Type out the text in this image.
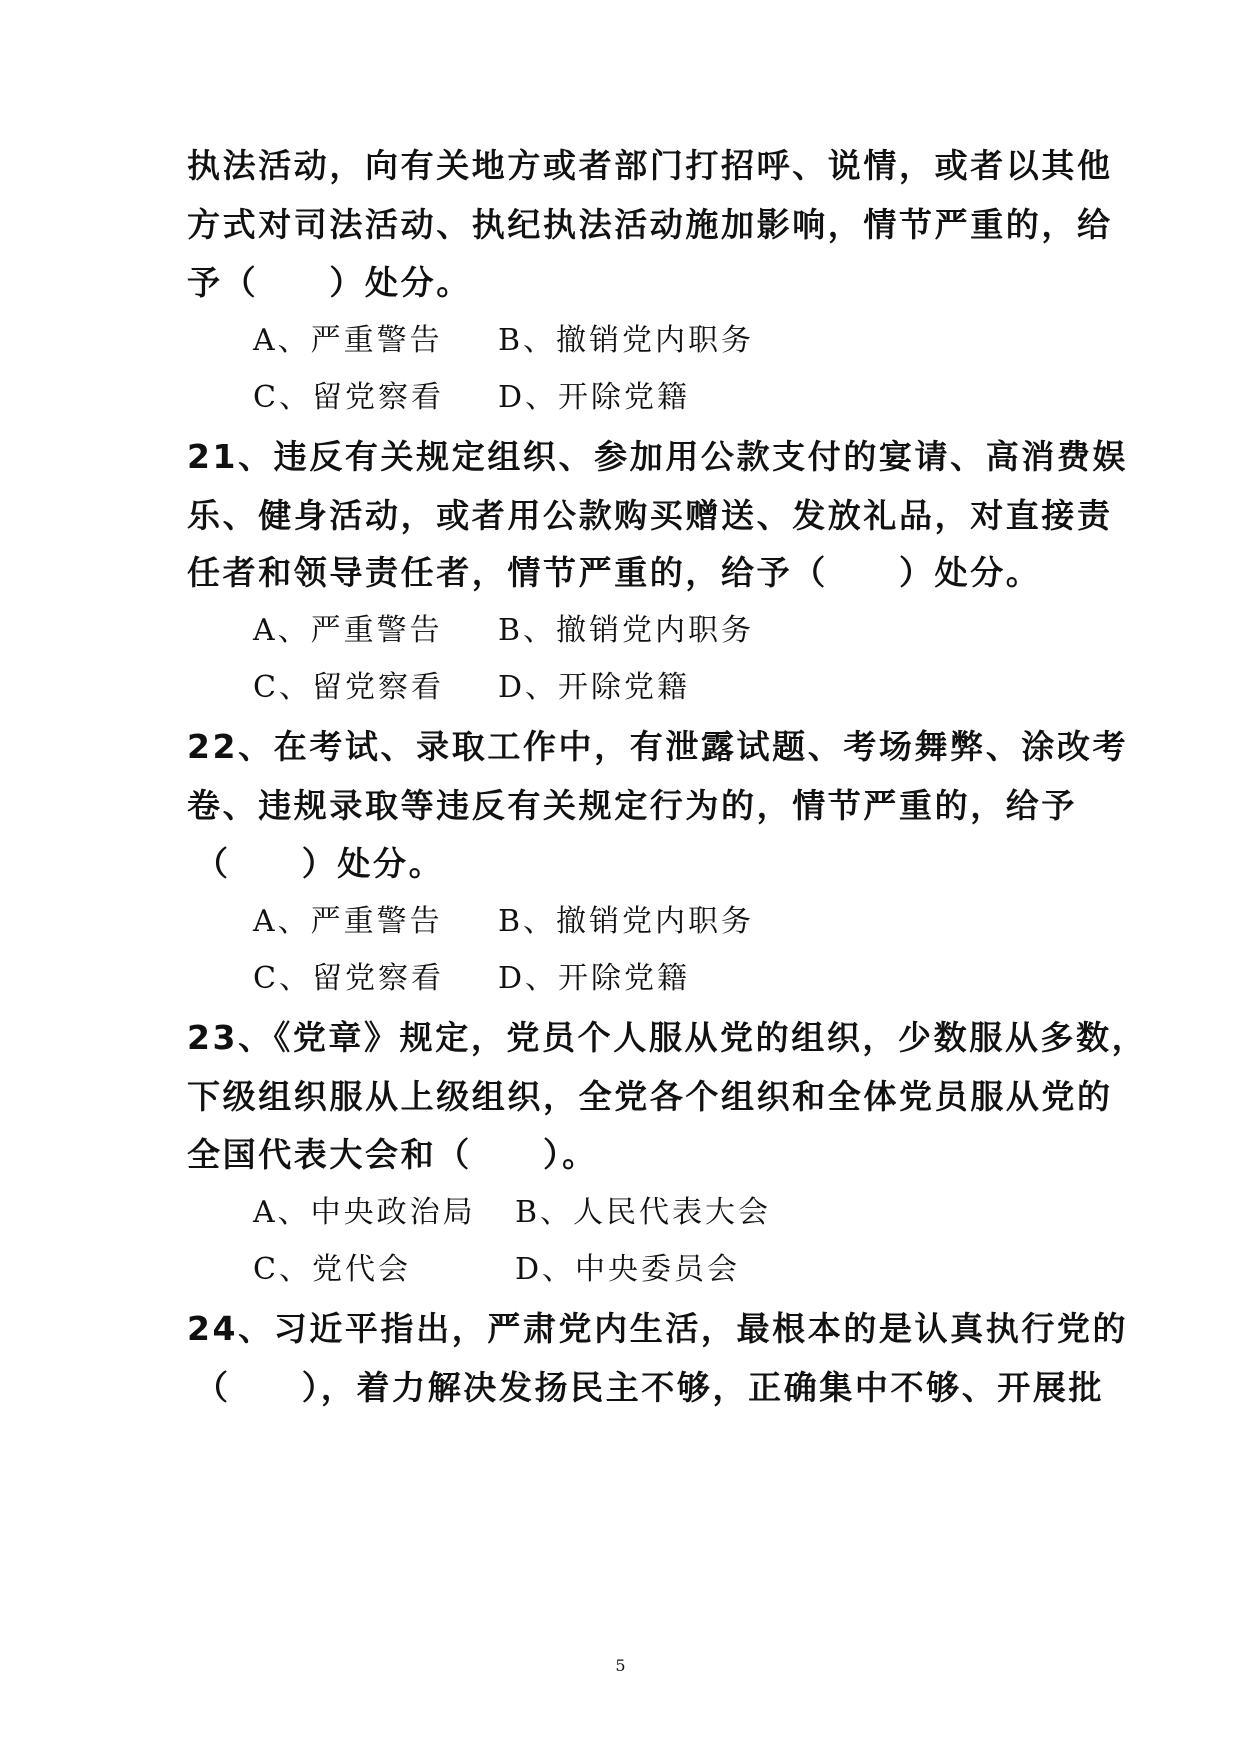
执法活动，向有关地方或者部门打招呼、说情，或者以其他
方式对司法活动、执纪执法活动施加影响，情节严重的，给
予（　　）处分。
A、严重警告 B、撤销党内职务
C、留党察看 D、开除党籍
21、违反有关规定组织、参加用公款支付的宴请、高消费娱
乐、健身活动，或者用公款购买赠送、发放礼品，对直接责
任者和领导责任者，情节严重的，给予（　　）处分。
A、严重警告 B、撤销党内职务
C、留党察看 D、开除党籍
22、在考试、录取工作中，有泄露试题、考场舞弊、涂改考
卷、违规录取等违反有关规定行为的，情节严重的，给予
（　　）处分。
A、严重警告 B、撤销党内职务
C、留党察看 D、开除党籍
23、《党章》规定，党员个人服从党的组织，少数服从多数，
下级组织服从上级组织，全党各个组织和全体党员服从党的
全国代表大会和（　　）。
A、中央政治局 B、人民代表大会
C、党代会	D、中央委员会
24、习近平指出，严肃党内生活，最根本的是认真执行党的
（　　），着力解决发扬民主不够，正确集中不够、开展批
5
